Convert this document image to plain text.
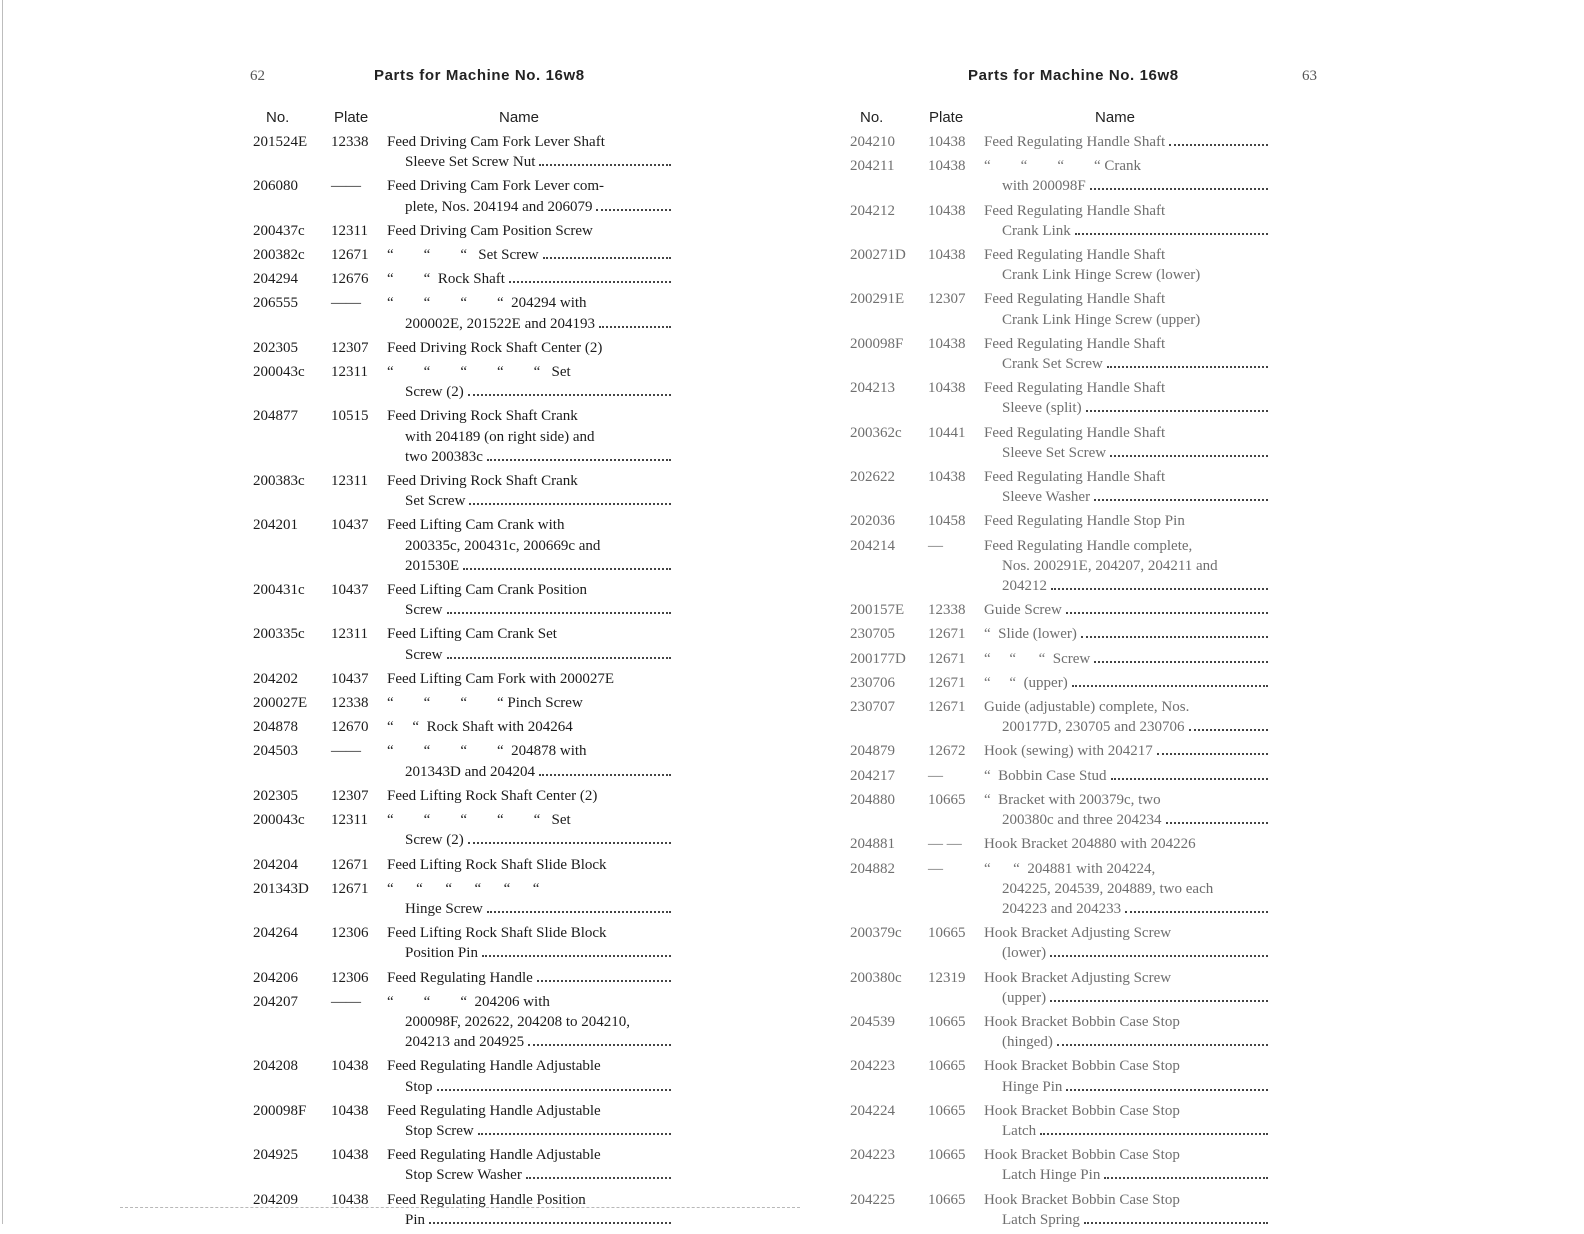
62	Parts for Machine No. 16w8
No.	Plate	Name
201524E	12338	Feed Driving Cam Fork Lever Shaft
Sleeve Set Screw Nut
206080	——	Feed Driving Cam Fork Lever com-
plete, Nos. 204194 and 206079
200437c	12311	Feed Driving Cam Position Screw
200382c	12671	“        “        “   Set Screw
204294	12676	“        “  Rock Shaft
206555	——	“        “        “        “  204294 with
200002E, 201522E and 204193
202305	12307	Feed Driving Rock Shaft Center (2)
200043c	12311	“        “        “        “        “   Set
Screw (2)
204877	10515	Feed Driving Rock Shaft Crank
with 204189 (on right side) and
two 200383c
200383c	12311	Feed Driving Rock Shaft Crank
Set Screw
204201	10437	Feed Lifting Cam Crank with
200335c, 200431c, 200669c and
201530E
200431c	10437	Feed Lifting Cam Crank Position
Screw
200335c	12311	Feed Lifting Cam Crank Set
Screw
204202	10437	Feed Lifting Cam Fork with 200027E
200027E	12338	“        “        “        “ Pinch Screw
204878	12670	“     “  Rock Shaft with 204264
204503	——	“        “        “        “  204878 with
201343D and 204204
202305	12307	Feed Lifting Rock Shaft Center (2)
200043c	12311	“        “        “        “        “   Set
Screw (2)
204204	12671	Feed Lifting Rock Shaft Slide Block
201343D	12671	“      “      “      “      “      “
Hinge Screw
204264	12306	Feed Lifting Rock Shaft Slide Block
Position Pin
204206	12306	Feed Regulating Handle
204207	——	“        “        “  204206 with
200098F, 202622, 204208 to 204210,
204213 and 204925
204208	10438	Feed Regulating Handle Adjustable
Stop
200098F	10438	Feed Regulating Handle Adjustable
Stop Screw
204925	10438	Feed Regulating Handle Adjustable
Stop Screw Washer
204209	10438	Feed Regulating Handle Position
Pin
Parts for Machine No. 16w8	63
No.	Plate	Name
204210	10438	Feed Regulating Handle Shaft
204211	10438	“        “        “        “ Crank
with 200098F
204212	10438	Feed Regulating Handle Shaft
Crank Link
200271D	10438	Feed Regulating Handle Shaft
Crank Link Hinge Screw (lower)
200291E	12307	Feed Regulating Handle Shaft
Crank Link Hinge Screw (upper)
200098F	10438	Feed Regulating Handle Shaft
Crank Set Screw
204213	10438	Feed Regulating Handle Shaft
Sleeve (split)
200362c	10441	Feed Regulating Handle Shaft
Sleeve Set Screw
202622	10438	Feed Regulating Handle Shaft
Sleeve Washer
202036	10458	Feed Regulating Handle Stop Pin
204214	—	Feed Regulating Handle complete,
Nos. 200291E, 204207, 204211 and
204212
200157E	12338	Guide Screw
230705	12671	“  Slide (lower)
200177D	12671	“     “      “  Screw
230706	12671	“     “  (upper)
230707	12671	Guide (adjustable) complete, Nos.
200177D, 230705 and 230706
204879	12672	Hook (sewing) with 204217
204217	—	“  Bobbin Case Stud
204880	10665	“  Bracket with 200379c, two
200380c and three 204234
204881	— —	Hook Bracket 204880 with 204226
204882	—	“      “  204881 with 204224,
204225, 204539, 204889, two each
204223 and 204233
200379c	10665	Hook Bracket Adjusting Screw
(lower)
200380c	12319	Hook Bracket Adjusting Screw
(upper)
204539	10665	Hook Bracket Bobbin Case Stop
(hinged)
204223	10665	Hook Bracket Bobbin Case Stop
Hinge Pin
204224	10665	Hook Bracket Bobbin Case Stop
Latch
204223	10665	Hook Bracket Bobbin Case Stop
Latch Hinge Pin
204225	10665	Hook Bracket Bobbin Case Stop
Latch Spring
